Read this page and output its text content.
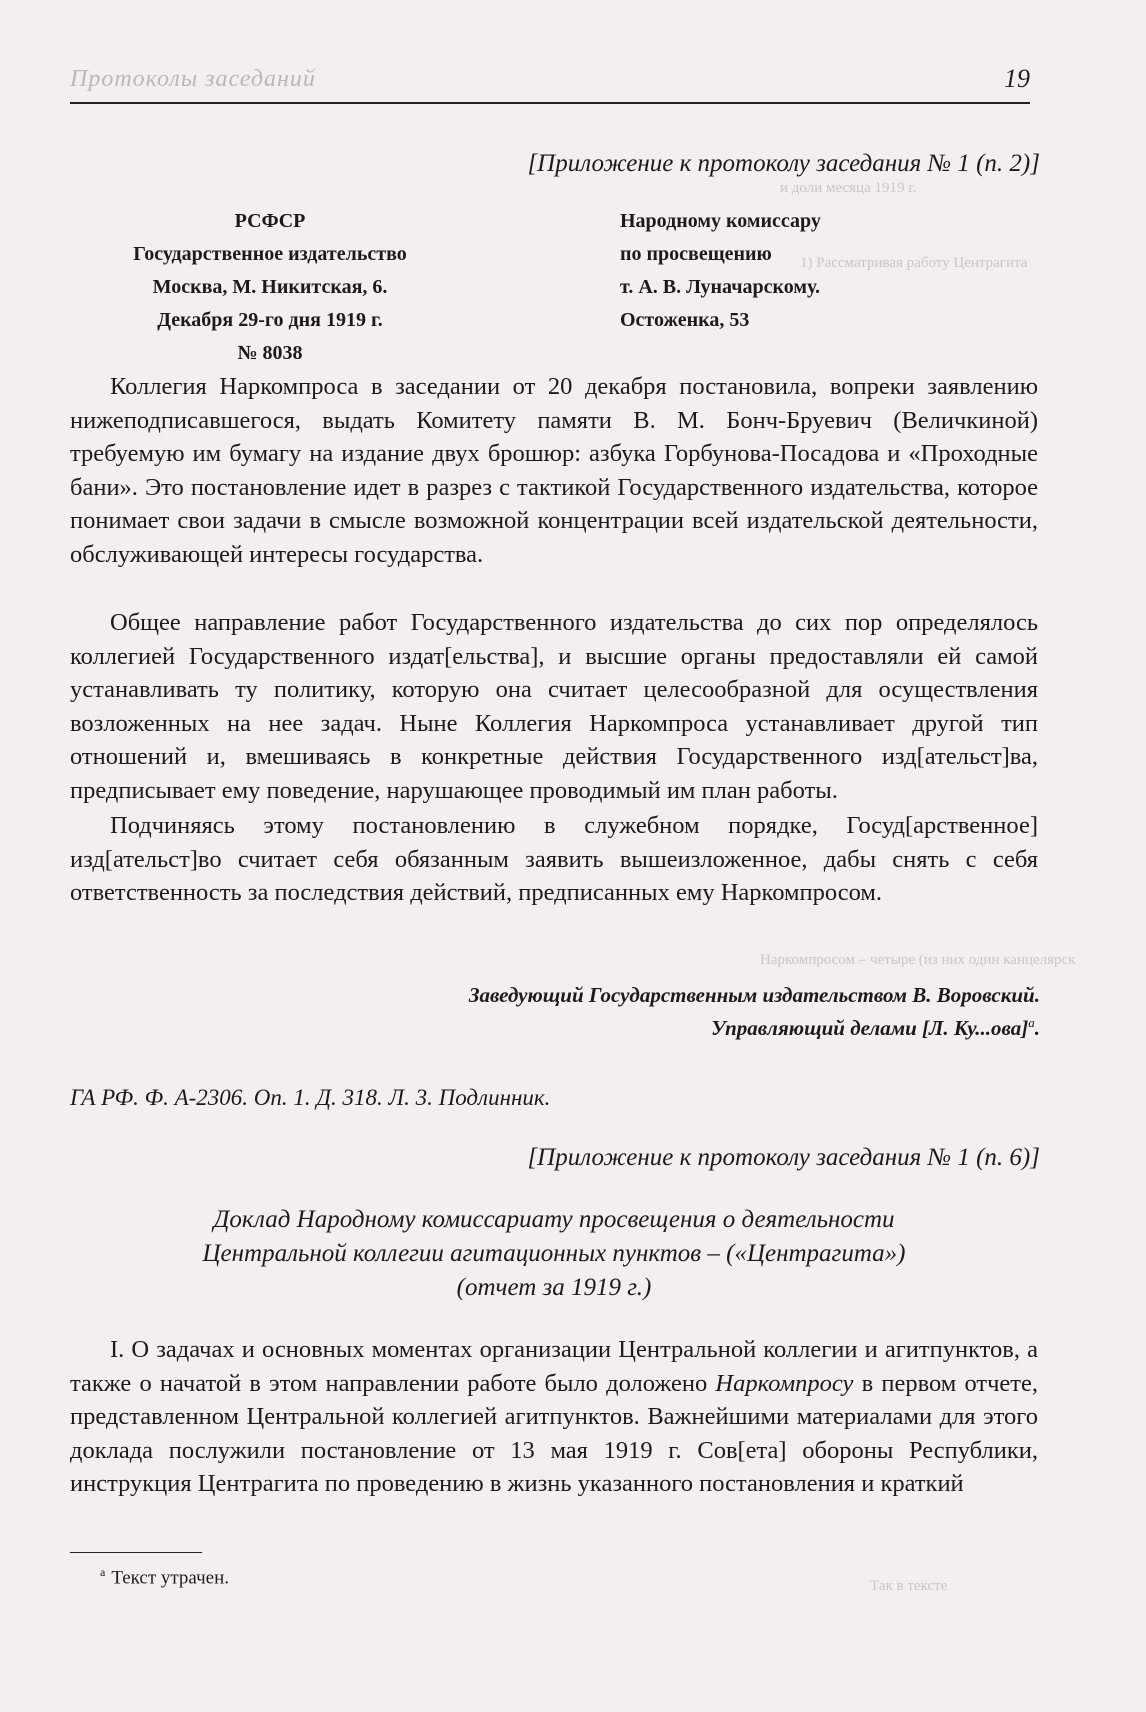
и доли месяца 1919 г.
1) Рассматривая работу Центрагита
Наркомпросом – четыре (из них один канцелярск
Так в тексте
Протоколы заседаний	19
[Приложение к протоколу заседания № 1 (п. 2)]
РСФСР
Государственное издательство
Москва, М. Никитская, 6.
Декабря 29-го дня 1919 г.
№ 8038
Народному комиссару
по просвещению
т. А. В. Луначарскому.
Остоженка, 53

Коллегия Наркомпроса в заседании от 20 декабря постановила, вопреки заявлению нижеподписавшегося, выдать Комитету памяти В. М. Бонч-Бруевич (Величкиной) требуемую им бумагу на издание двух брошюр: азбука Горбунова-Посадова и «Проходные бани». Это постановление идет в разрез с тактикой Государственного издательства, которое понимает свои задачи в смысле возможной концентрации всей издательской деятельности, обслуживающей интересы государства.

Общее направление работ Государственного издательства до сих пор определялось коллегией Государственного издат[ельства], и высшие органы предоставляли ей самой устанавливать ту политику, которую она считает целесообразной для осуществления возложенных на нее задач. Ныне Коллегия Наркомпроса устанавливает другой тип отношений и, вмешиваясь в конкретные действия Государственного изд[ательст]ва, предписывает ему поведение, нарушающее проводимый им план работы.

Подчиняясь этому постановлению в служебном порядке, Госуд[арственное] изд[ательст]во считает себя обязанным заявить вышеизложенное, дабы снять с себя ответственность за последствия действий, предписанных ему Наркомпросом.

Заведующий Государственным издательством В. Воровский.
Управляющий делами [Л. Ку...ова]$^а$.
ГА РФ. Ф. А-2306. Оп. 1. Д. 318. Л. 3. Подлинник.
[Приложение к протоколу заседания № 1 (п. 6)]
Доклад Народному комиссариату просвещения о деятельности
Центральной коллегии агитационных пунктов – («Центрагита»)
(отчет за 1919 г.)

I. О задачах и основных моментах организации Центральной коллегии и агитпунктов, а также о начатой в этом направлении работе было доложено Наркомпросу в первом отчете, представленном Центральной коллегией агитпунктов. Важнейшими материалами для этого доклада послужили постановление от 13 мая 1919 г. Сов[ета] обороны Республики, инструкция Центрагита по проведению в жизнь указанного постановления и краткий

$^а$ Текст утрачен.
